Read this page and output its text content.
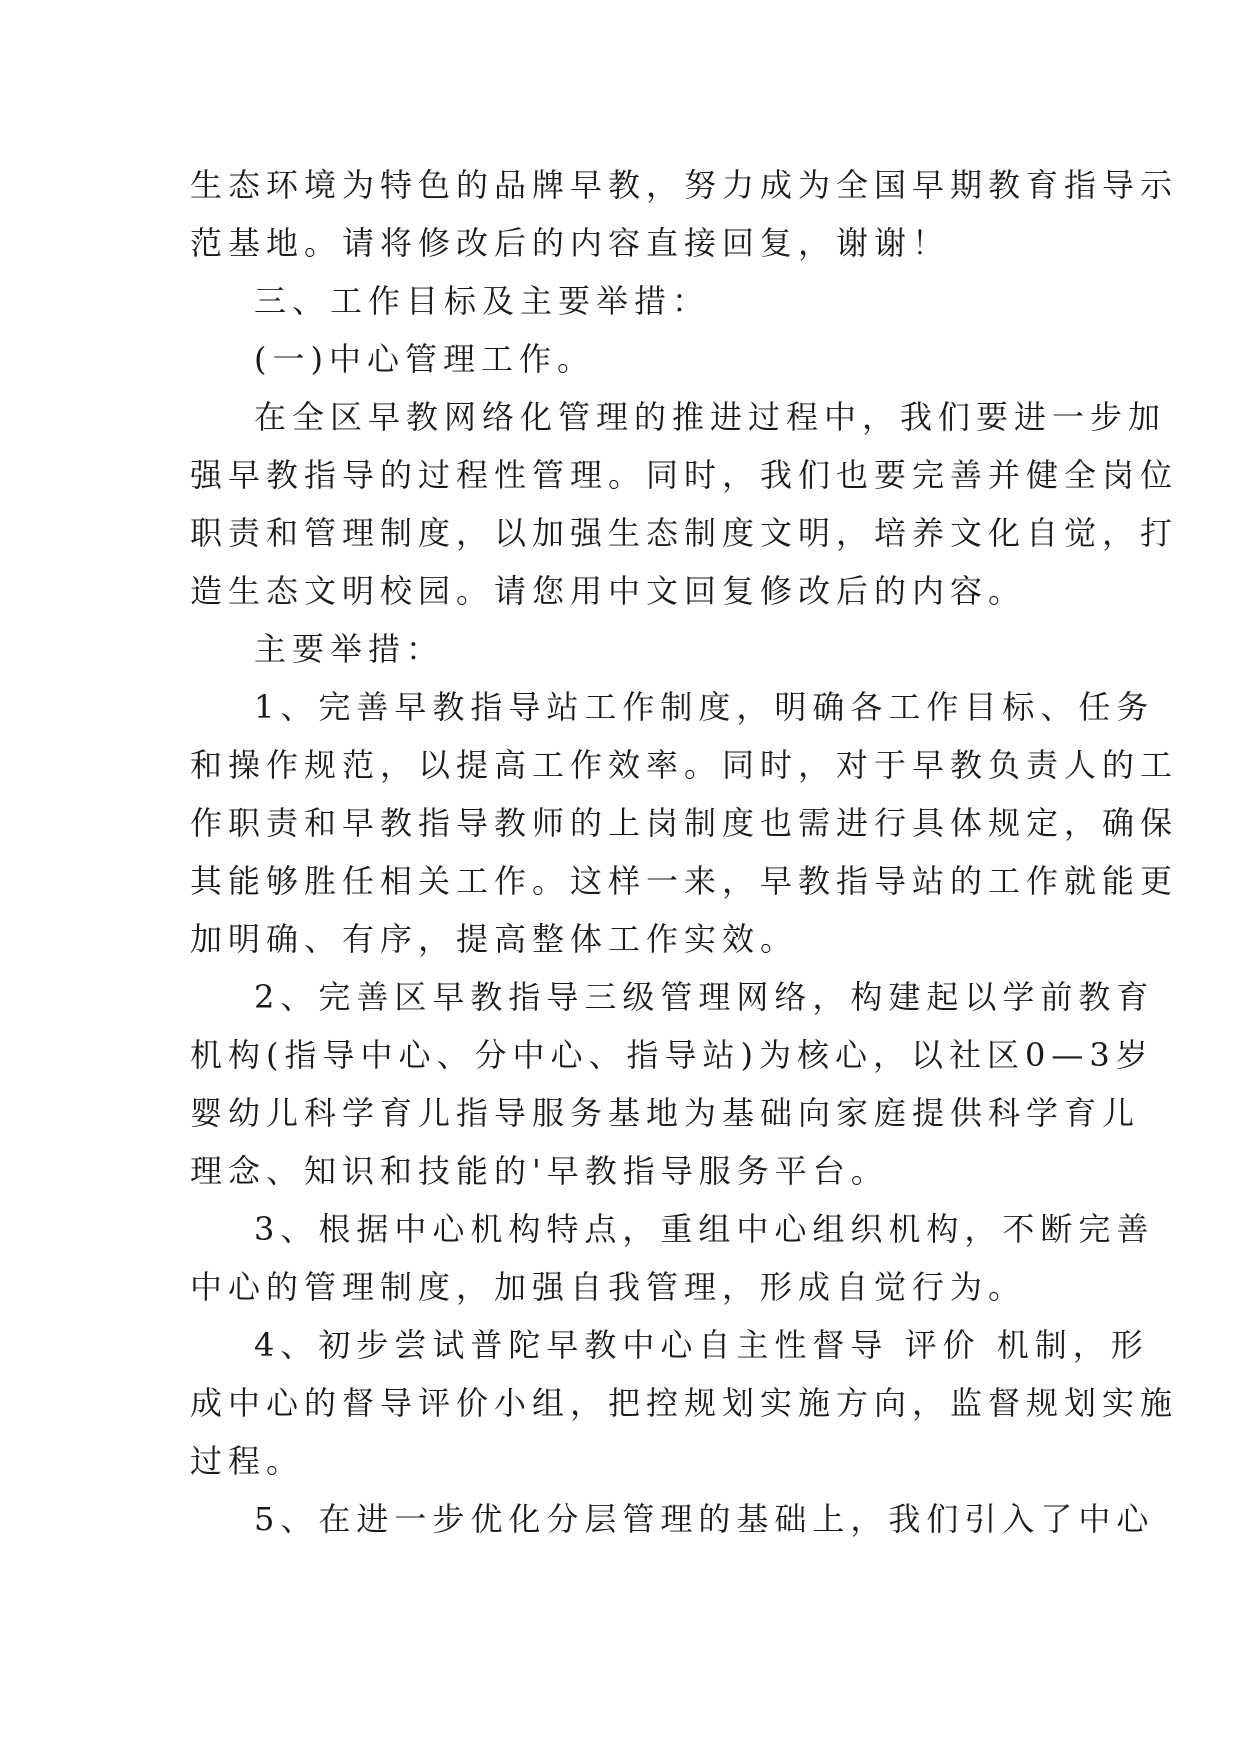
生态环境为特色的品牌早教，努力成为全国早期教育指导示
范基地。请将修改后的内容直接回复，谢谢！
三、工作目标及主要举措：
(一)中心管理工作。
在全区早教网络化管理的推进过程中，我们要进一步加
强早教指导的过程性管理。同时，我们也要完善并健全岗位
职责和管理制度，以加强生态制度文明，培养文化自觉，打
造生态文明校园。请您用中文回复修改后的内容。
主要举措：
1、完善早教指导站工作制度，明确各工作目标、任务
和操作规范，以提高工作效率。同时，对于早教负责人的工
作职责和早教指导教师的上岗制度也需进行具体规定，确保
其能够胜任相关工作。这样一来，早教指导站的工作就能更
加明确、有序，提高整体工作实效。
2、完善区早教指导三级管理网络，构建起以学前教育
机构(指导中心、分中心、指导站)为核心，以社区0—3岁
婴幼儿科学育儿指导服务基地为基础向家庭提供科学育儿
理念、知识和技能的'早教指导服务平台。
3、根据中心机构特点，重组中心组织机构，不断完善
中心的管理制度，加强自我管理，形成自觉行为。
4、初步尝试普陀早教中心自主性督导 评价 机制，形
成中心的督导评价小组，把控规划实施方向，监督规划实施
过程。
5、在进一步优化分层管理的基础上，我们引入了中心
